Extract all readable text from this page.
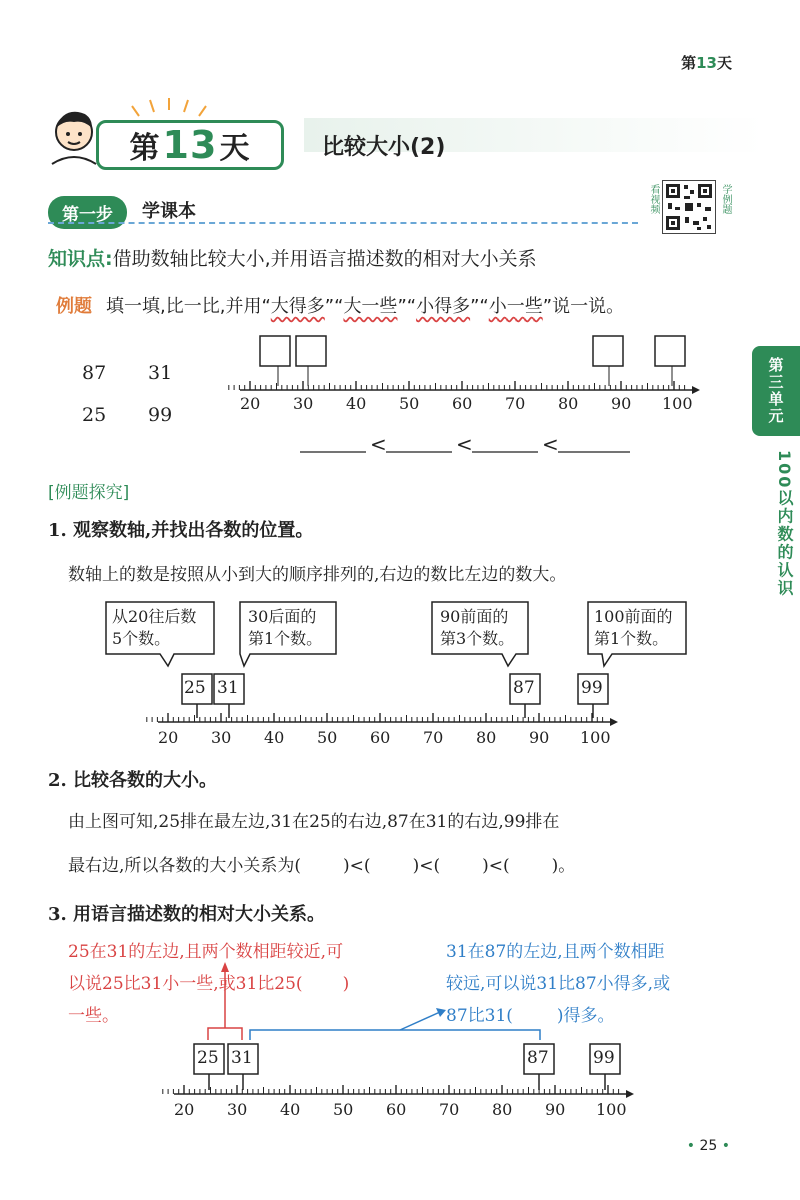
第13天
第 13 天	比较大小(2)
第一步	学课本	看视频	学例题
知识点:借助数轴比较大小,并用语言描述数的相对大小关系
例题 填一填,比一比,并用“大得多”“大一些”“小得多”“小一些”说一说。
87 31
25 99
20 30 40 50 60 70 80 90 100
<	<	<
第三单元
100以内数的认识
[例题探究]
1. 观察数轴,并找出各数的位置。
数轴上的数是按照从小到大的顺序排列的,右边的数比左边的数大。
从20往后数
5个数。
30后面的
第1个数。
90前面的
第3个数。
100前面的
第1个数。
25 31	87	99
20 30 40 50 60 70 80 90 100
2. 比较各数的大小。
由上图可知,25排在最左边,31在25的右边,87在31的右边,99排在
最右边,所以各数的大小关系为( )<( )<( )<( )。
3. 用语言描述数的相对大小关系。
25在31的左边,且两个数相距较近,可
以说25比31小一些,或31比25( )
一些。
31在87的左边,且两个数相距
较远,可以说31比87小得多,或
87比31(	)得多。
25 31	87	99
20 30 40 50 60 70 80 90 100
• 25 •
